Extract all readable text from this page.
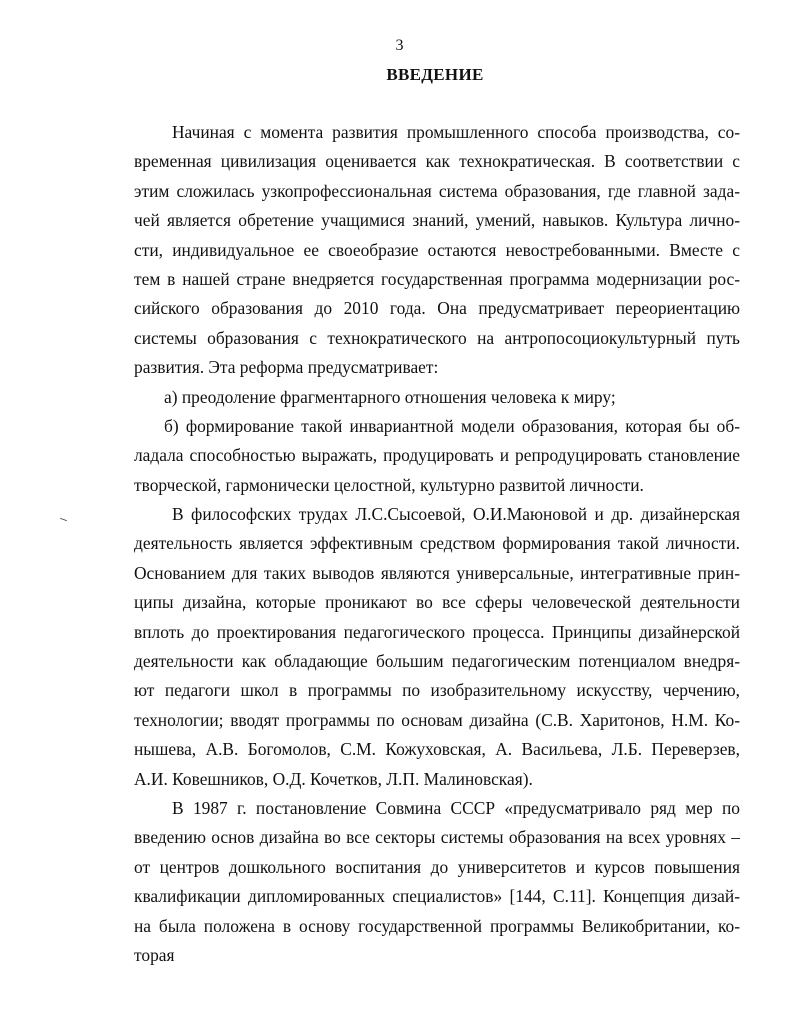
3
ВВЕДЕНИЕ
Начиная с момента развития промышленного способа производства, со-
временная цивилизация оценивается как технократическая. В соответствии с
этим сложилась узкопрофессиональная система образования, где главной зада-
чей является обретение учащимися знаний, умений, навыков. Культура лично-
сти, индивидуальное ее своеобразие остаются невостребованными. Вместе с
тем в нашей стране внедряется государственная программа модернизации рос-
сийского образования до 2010 года. Она предусматривает переориентацию
системы образования с технократического на антропосоциокультурный путь
развития. Эта реформа предусматривает:
а) преодоление фрагментарного отношения человека к миру;
б) формирование такой инвариантной модели образования, которая бы об-
ладала способностью выражать, продуцировать и репродуцировать становление
творческой, гармонически целостной, культурно развитой личности.
В философских трудах Л.С.Сысоевой, О.И.Маюновой и др. дизайнерская
деятельность является эффективным средством формирования такой личности.
Основанием для таких выводов являются универсальные, интегративные прин-
ципы дизайна, которые проникают во все сферы человеческой деятельности
вплоть до проектирования педагогического процесса. Принципы дизайнерской
деятельности как обладающие большим педагогическим потенциалом внедря-
ют педагоги школ в программы по изобразительному искусству, черчению,
технологии; вводят программы по основам дизайна (С.В. Харитонов, Н.М. Ко-
нышева, А.В. Богомолов, С.М. Кожуховская, А. Васильева, Л.Б. Переверзев,
А.И. Ковешников, О.Д. Кочетков, Л.П. Малиновская).
В 1987 г. постановление Совмина СССР «предусматривало ряд мер по
введению основ дизайна во все секторы системы образования на всех уровнях –
от центров дошкольного воспитания до университетов и курсов повышения
квалификации дипломированных специалистов» [144, С.11]. Концепция дизай-
на была положена в основу государственной программы Великобритании, ко-
торая
